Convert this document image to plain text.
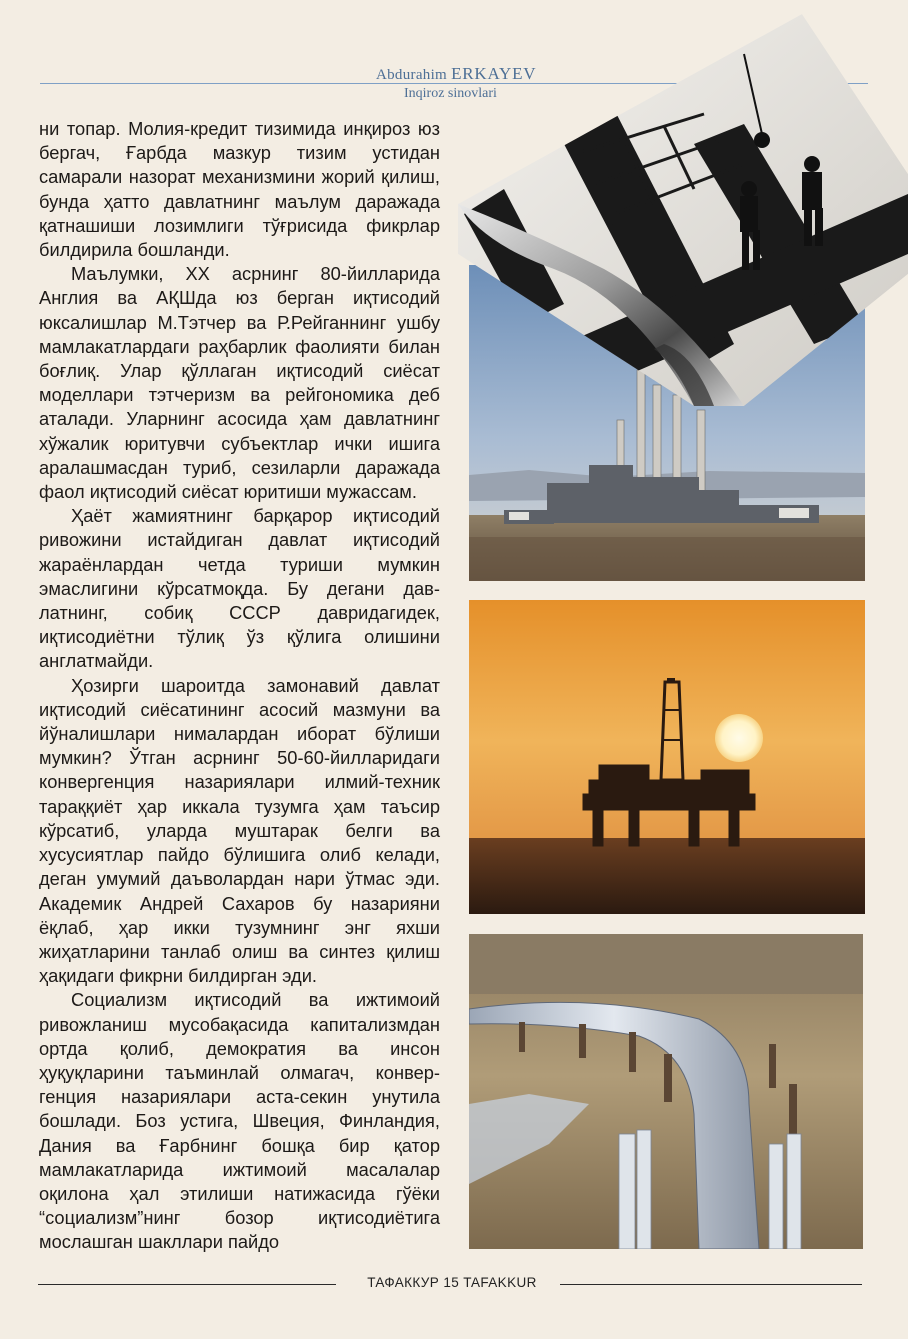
Abdurahim ERKAYEV
Inqiroz sinovlari

ни топар. Молия-кредит тизимида инқироз юз бергач, Ғарбда мазкур тизим устидан самарали назорат механизмини жорий қилиш, бунда ҳатто давлатнинг маълум даражада қатнашиши лозимлиги тўғрисида фикрлар билдирила бошланди.

Маълумки, ХХ асрнинг 80-йилларида Англия ва АҚШда юз берган иқтисодий юксалишлар М.Тэтчер ва Р.Рейганнинг ушбу мамлакатлардаги раҳбарлик фаолияти билан боғлиқ. Улар қўллаган иқтисодий сиёсат моделлари тэтчеризм ва рейгономика деб аталади. Уларнинг асосида ҳам давлатнинг хўжалик юритувчи субъектлар ички ишига аралашмасдан туриб, сезиларли даражада фаол иқтисодий сиёсат юритиши мужассам.

Ҳаёт жамиятнинг барқарор иқтисодий ривожини истайдиган давлат иқтисодий жараёнлардан четда туриши мумкин эмаслигини кўрсатмоқда. Бу дегани давлатнинг, собиқ СССР давридагидек, иқтисодиётни тўлиқ ўз қўлига олишини англатмайди.

Ҳозирги шароитда замонавий давлат иқтисодий сиёсатининг асосий мазмуни ва йўналишлари нималардан иборат бўлиши мумкин? Ўтган асрнинг 50-60-йилларидаги конвергенция назариялари илмий-техник тараққиёт ҳар иккала тузумга ҳам таъсир кўрсатиб, уларда муштарак белги ва хусусиятлар пайдо бўлишига олиб келади, деган умумий даъволардан нари ўтмас эди. Академик Андрей Сахаров бу назарияни ёқлаб, ҳар икки тузумнинг энг яхши жиҳатларини танлаб олиш ва синтез қилиш ҳақидаги фикрни билдирган эди.

Социализм иқтисодий ва ижтимоий ривожланиш мусобақасида капитализмдан ортда қолиб, демократия ва инсон ҳуқуқларини таъминлай олмагач, конвергенция назариялари аста-секин унутила бошлади. Боз устига, Швеция, Финландия, Дания ва Ғарбнинг бошқа бир қатор мамлакатларида ижтимоий масалалар оқилона ҳал этилиши натижасида гўёки “социализм”нинг бозор иқтисодиётига мослашган шакллари пайдо

ТАФАККУР 15 TAFAKKUR
